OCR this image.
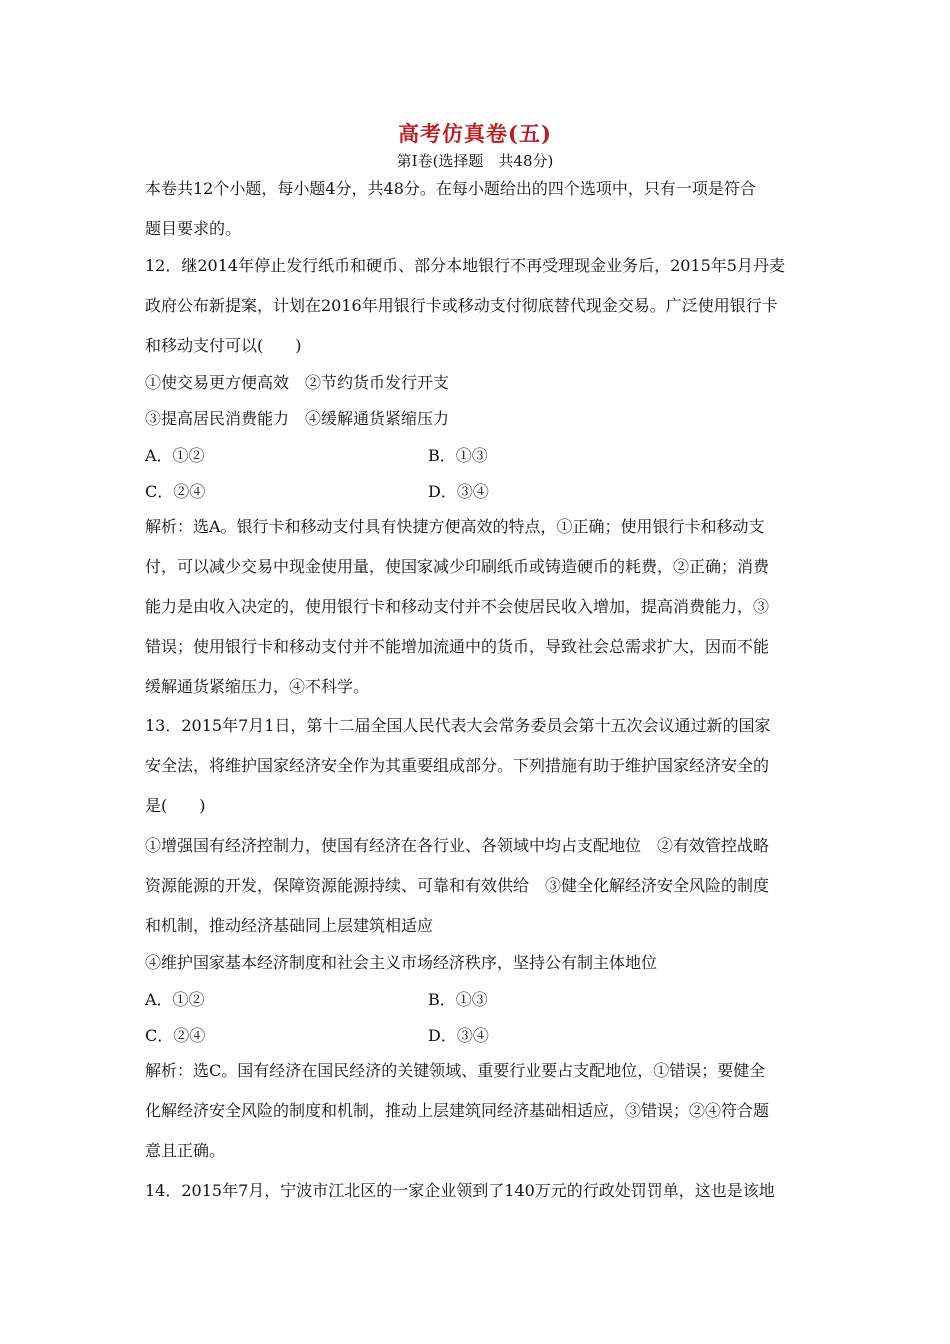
高考仿真卷(五)
第Ⅰ卷(选择题　共48分)
本卷共12个小题，每小题4分，共48分。在每小题给出的四个选项中，只有一项是符合
题目要求的。
12．继2014年停止发行纸币和硬币、部分本地银行不再受理现金业务后，2015年5月丹麦
政府公布新提案，计划在2016年用银行卡或移动支付彻底替代现金交易。广泛使用银行卡
和移动支付可以(　　)
①使交易更方便高效　②节约货币发行开支
③提高居民消费能力　④缓解通货紧缩压力
A．①②	B．①③
C．②④	D．③④
解析：选A。银行卡和移动支付具有快捷方便高效的特点，①正确；使用银行卡和移动支
付，可以减少交易中现金使用量，使国家减少印刷纸币或铸造硬币的耗费，②正确；消费
能力是由收入决定的，使用银行卡和移动支付并不会使居民收入增加，提高消费能力，③
错误；使用银行卡和移动支付并不能增加流通中的货币，导致社会总需求扩大，因而不能
缓解通货紧缩压力，④不科学。
13．2015年7月1日，第十二届全国人民代表大会常务委员会第十五次会议通过新的国家
安全法，将维护国家经济安全作为其重要组成部分。下列措施有助于维护国家经济安全的
是(　　)
①增强国有经济控制力，使国有经济在各行业、各领域中均占支配地位　②有效管控战略
资源能源的开发，保障资源能源持续、可靠和有效供给　③健全化解经济安全风险的制度
和机制，推动经济基础同上层建筑相适应
④维护国家基本经济制度和社会主义市场经济秩序，坚持公有制主体地位
A．①②	B．①③
C．②④	D．③④
解析：选C。国有经济在国民经济的关键领域、重要行业要占支配地位，①错误；要健全
化解经济安全风险的制度和机制，推动上层建筑同经济基础相适应，③错误；②④符合题
意且正确。
14．2015年7月，宁波市江北区的一家企业领到了140万元的行政处罚罚单，这也是该地
